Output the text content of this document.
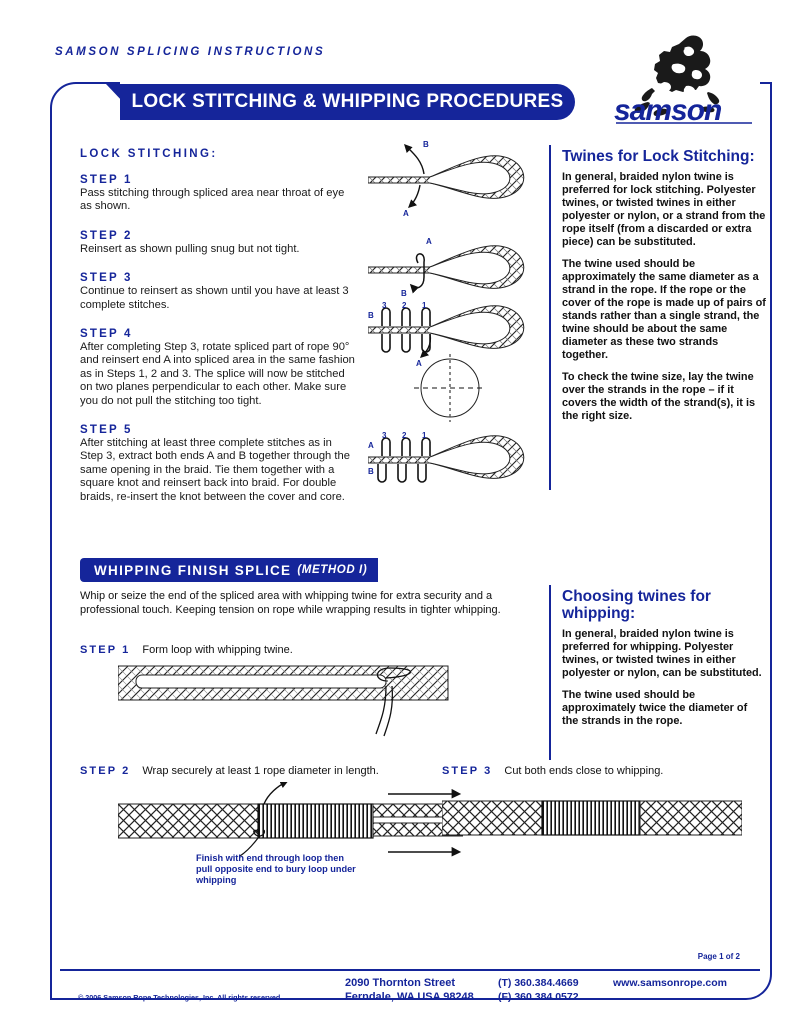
SAMSON SPLICING INSTRUCTIONS
LOCK STITCHING & WHIPPING PROCEDURES	samson
LOCK STITCHING:
STEP 1
Pass stitching through spliced area near throat of eye as shown.
STEP 2
Reinsert as shown pulling snug but not tight.
STEP 3
Continue to reinsert as shown until you have at least 3 complete stitches.
STEP 4
After completing Step 3, rotate spliced part of rope 90° and reinsert end A into spliced area in the same fashion as in Steps 1, 2 and 3. The splice will now be stitched on two planes perpendicular to each other. Make sure you do not pull the stitching too tight.
STEP 5
After stitching at least three complete stitches as in Step 3, extract both ends A and B together through the same opening in the braid. Tie them together with a square knot and reinsert back into braid. For double braids, re-insert the knot between the cover and core.
B
A
B
A
1
2
3
B
A
1
2
3
A
B
Twines for Lock Stitching:
In general, braided nylon twine is preferred for lock stitching. Polyester twines, or twisted twines in either polyester or nylon, or a strand from the rope itself (from a discarded or extra piece) can be substituted.
The twine used should be approximately the same diameter as a strand in the rope. If the rope or the cover of the rope is made up of pairs of stands rather than a single strand, the twine should be about the same diameter as these two strands together.
To check the twine size, lay the twine over the strands in the rope – if it covers the width of the strand(s), it is the right size.
WHIPPING FINISH SPLICE (METHOD I)
Whip or seize the end of the spliced area with whipping twine for extra security and a professional touch. Keeping tension on rope while wrapping results in tighter whipping.
STEP 1 Form loop with whipping twine.
STEP 2 Wrap securely at least 1 rope diameter in length.
Finish with end through loop then pull opposite end to bury loop under whipping
STEP 3 Cut both ends close to whipping.
Choosing twines for whipping:
In general, braided nylon twine is preferred for whipping. Polyester twines, or twisted twines in either polyester or nylon, can be substituted.
The twine used should be approximately twice the diameter of the strands in the rope.
Page 1 of 2
© 2006 Samson Rope Technologies, Inc. All rights reserved.
2090 Thornton Street
Ferndale, WA USA 98248
(T) 360.384.4669
(F) 360.384.0572
www.samsonrope.com
